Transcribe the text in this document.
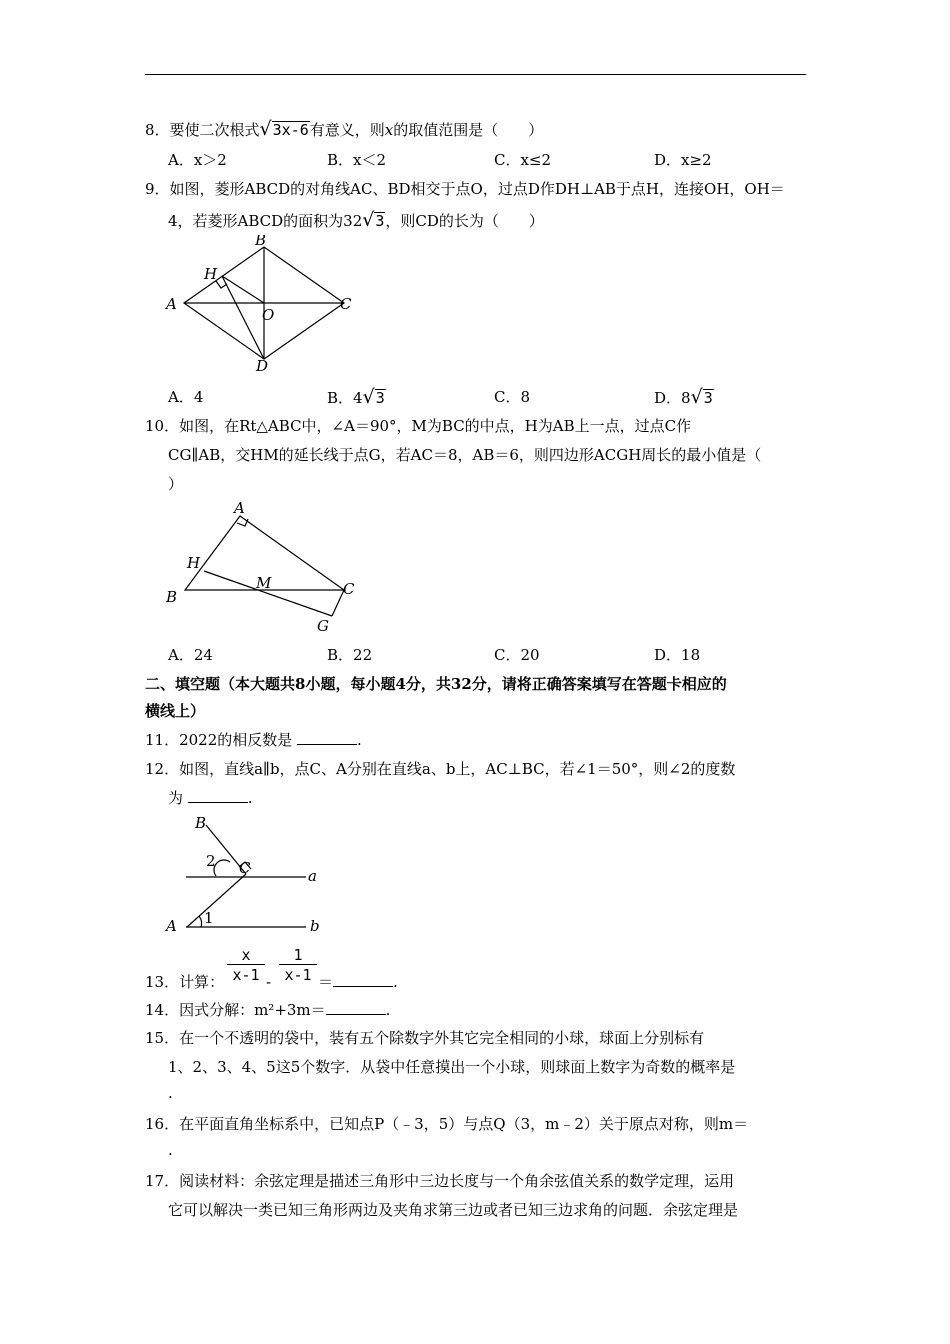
8．要使二次根式√3x-6有意义，则x的取值范围是（　　）
A．x＞2	B．x＜2	C．x≤2	D．x≥2
9．如图，菱形ABCD的对角线AC、BD相交于点O，过点D作DH⊥AB于点H，连接OH，OH＝
4，若菱形ABCD的面积为32√3，则CD的长为（　　）
A
B
C
D
H
O
A．4	B．4√3	C．8	D．8√3
10．如图，在Rt△ABC中，∠A＝90°，M为BC的中点，H为AB上一点，过点C作
CG∥AB，交HM的延长线于点G，若AC＝8，AB＝6，则四边形ACGH周长的最小值是（
）
A
B	C
G
H
M
A．24	B．22	C．20	D．18
二、填空题（本大题共8小题，每小题4分，共32分，请将正确答案填写在答题卡相应的
横线上）
11．2022的相反数是	.
12．如图，直线a∥b，点C、A分别在直线a、b上，AC⊥BC，若∠1＝50°，则∠2的度数
为	.
B
C	a
A	b
1
2
13．计算： $\frac{x}{x-1} - \frac{1}{x-1}$ ＝	.
14．因式分解：m²+3m＝	.
15．在一个不透明的袋中，装有五个除数字外其它完全相同的小球，球面上分别标有
1、2、3、4、5这5个数字．从袋中任意摸出一个小球，则球面上数字为奇数的概率是
.
16．在平面直角坐标系中，已知点P（﹣3，5）与点Q（3，m﹣2）关于原点对称，则m＝
.
17．阅读材料：余弦定理是描述三角形中三边长度与一个角余弦值关系的数学定理，运用
它可以解决一类已知三角形两边及夹角求第三边或者已知三边求角的问题．余弦定理是
